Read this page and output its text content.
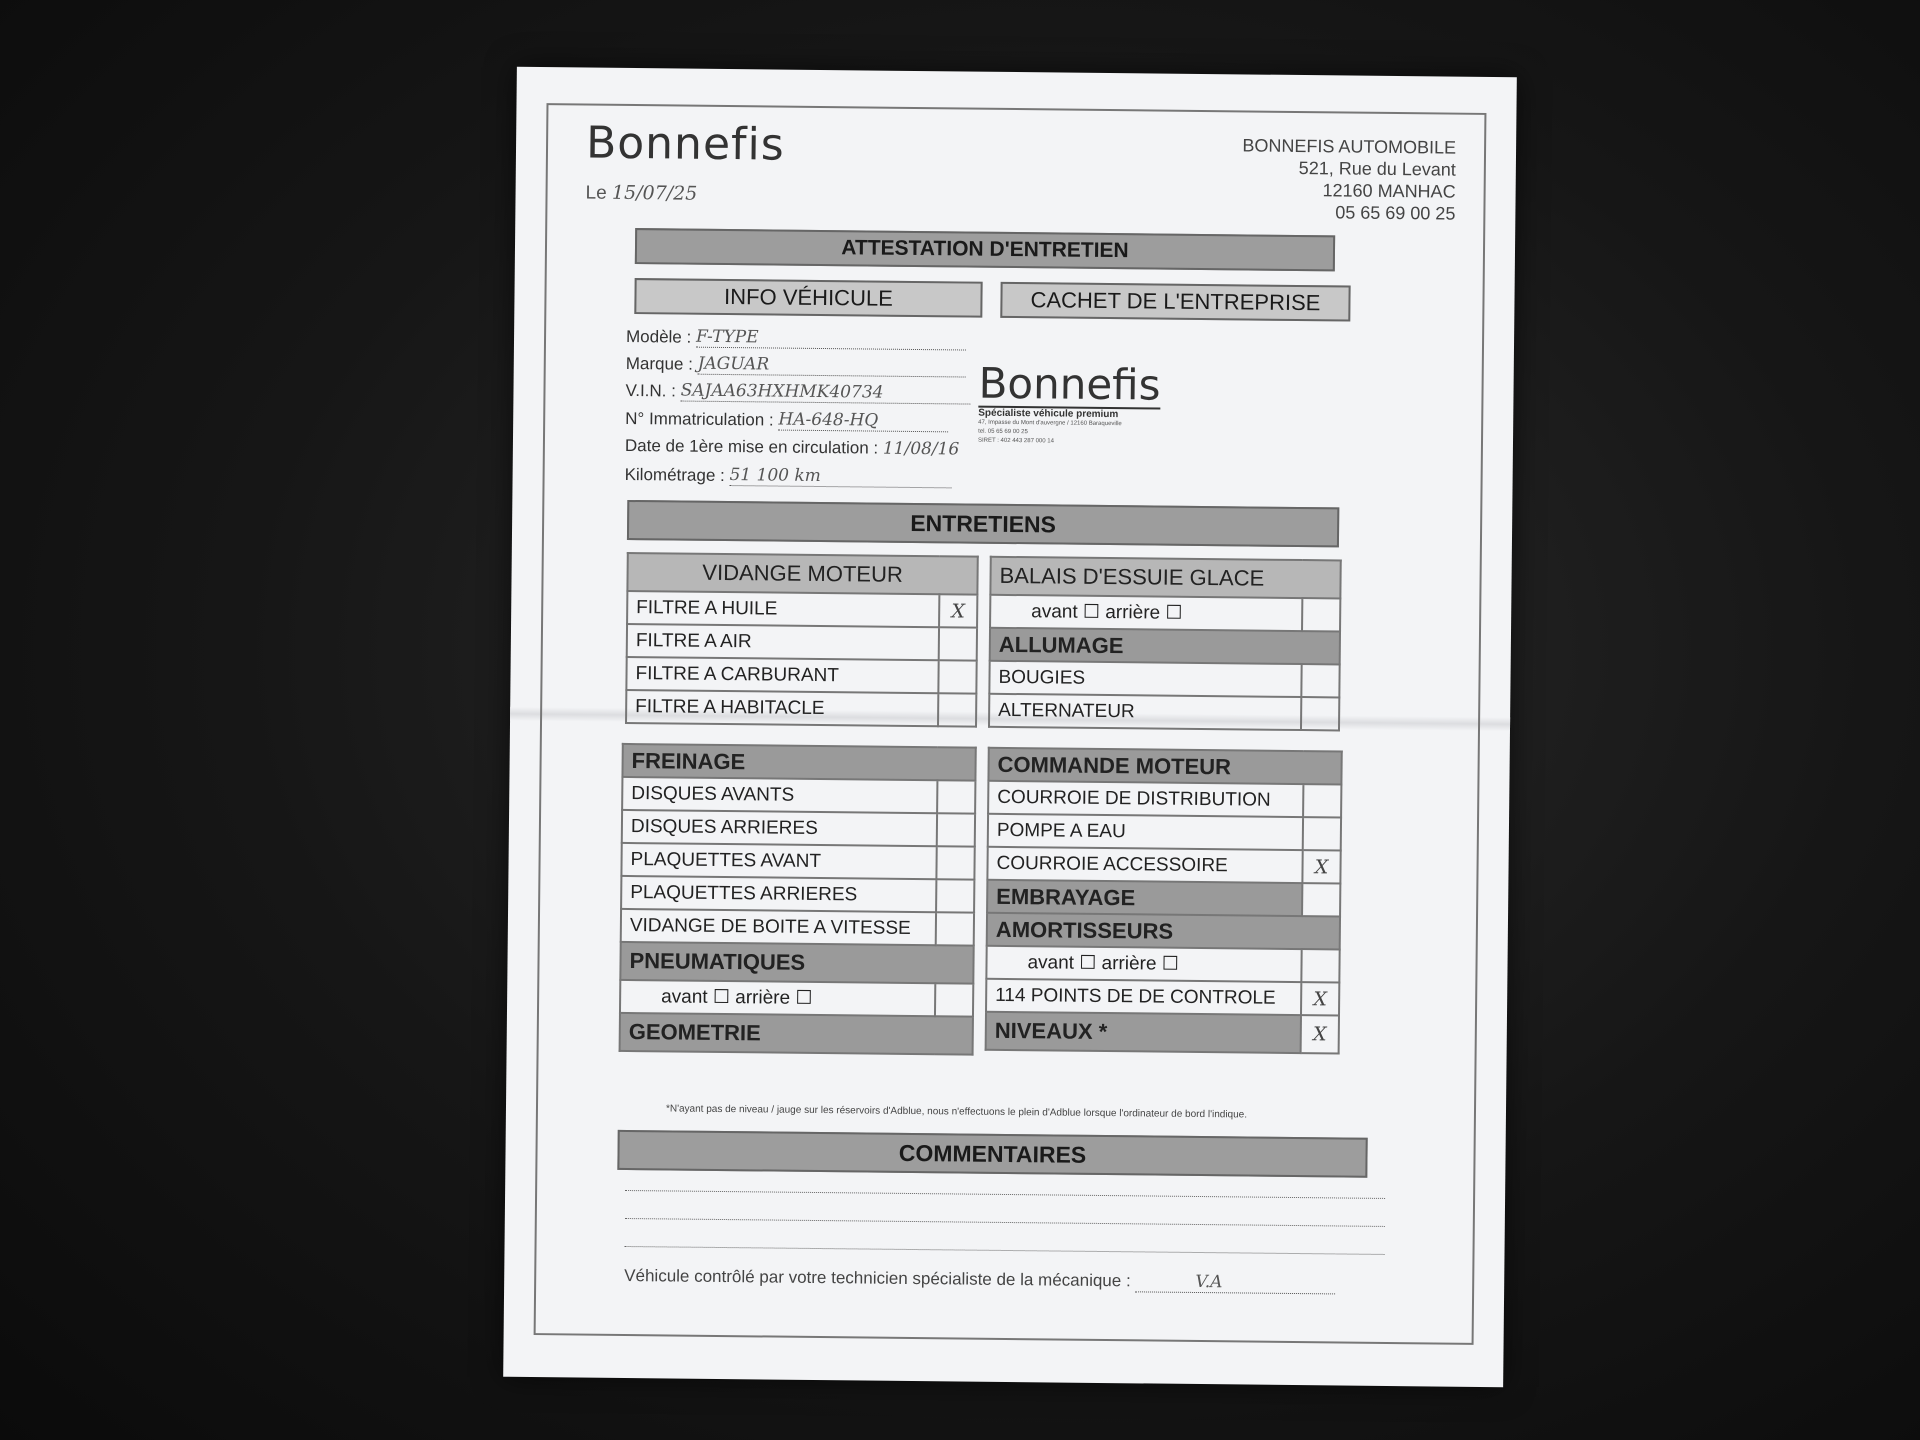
Bonnefis	BONNEFIS AUTOMOBILE
521, Rue du Levant
12160 MANHAC
05 65 69 00 25
Le 15/07/25
ATTESTATION D'ENTRETIEN
INFO VÉHICULE	CACHET DE L'ENTREPRISE
Modèle : F-TYPE
Marque : JAGUAR
V.I.N. : SAJAA63HXHMK40734
N° Immatriculation : HA-648-HQ
Date de 1ère mise en circulation : 11/08/16
Kilométrage : 51 100 km
Bonnefis
Spécialiste véhicule premium
47, Impasse du Mont d'auvergne / 12160 Baraqueville
tel. 05 65 69 00 25
SIRET : 402 443 287 000 14
ENTRETIENS
VIDANGE MOTEUR	
FILTRE A HUILE	X
FILTRE A AIR	
FILTRE A CARBURANT	
FILTRE A HABITACLE	
BALAIS D'ESSUIE GLACE	
avant ☐ arrière ☐	
ALLUMAGE	
BOUGIES	
ALTERNATEUR	
FREINAGE	
DISQUES AVANTS	
DISQUES ARRIERES	
PLAQUETTES AVANT	
PLAQUETTES ARRIERES	
VIDANGE DE BOITE A VITESSE	
PNEUMATIQUES	
avant ☐ arrière ☐	
GEOMETRIE	
COMMANDE MOTEUR	
COURROIE DE DISTRIBUTION	
POMPE A EAU	
COURROIE ACCESSOIRE	X
EMBRAYAGE	
AMORTISSEURS	
avant ☐ arrière ☐	
114 POINTS DE DE CONTROLE	X
NIVEAUX *	X
*N'ayant pas de niveau / jauge sur les réservoirs d'Adblue, nous n'effectuons le plein d'Adblue lorsque l'ordinateur de bord l'indique.
COMMENTAIRES
Véhicule contrôlé par votre technicien spécialiste de la mécanique :	V.A
